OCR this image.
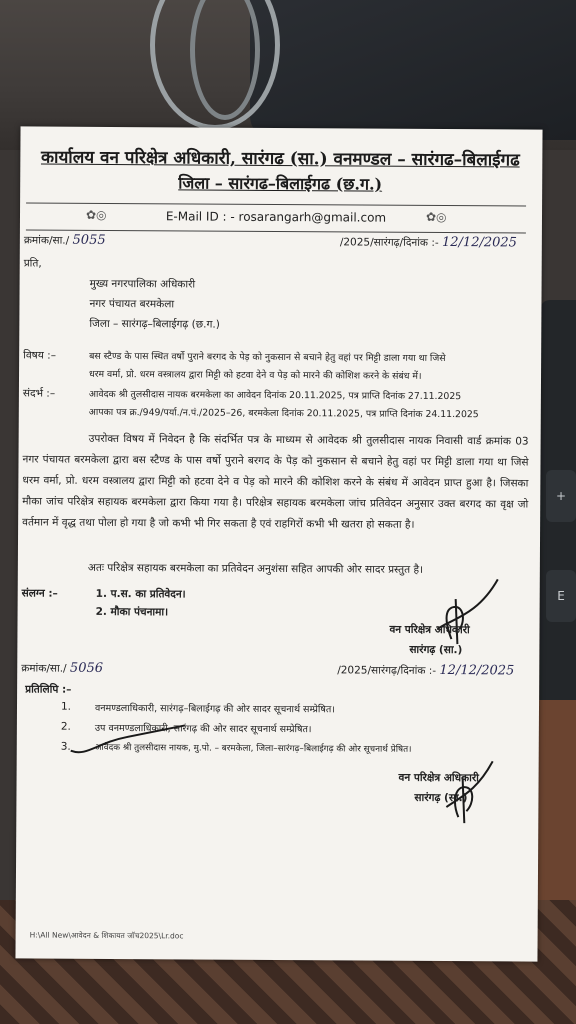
+
E
कार्यालय वन परिक्षेत्र अधिकारी, सारंगढ (सा.) वनमण्डल – सारंगढ–बिलाईगढ
जिला – सारंगढ–बिलाईगढ (छ.ग.)
✿◎	E-Mail ID : - rosarangarh@gmail.com	✿◎
क्रमांक/सा./ 5055	/2025/सारंगढ़/दिनांक :- 12/12/2025
प्रति,
मुख्य नगरपालिका अधिकारी
नगर पंचायत बरमकेला
जिला – सारंगढ़–बिलाईगढ़ (छ.ग.)
विषय :–	बस स्टैण्ड के पास स्थित वर्षो पुराने बरगद के पेड़ को नुकसान से बचाने हेतु वहां पर मिट्टी डाला गया था जिसे
धरम वर्मा, प्रो. धरम वस्त्रालय द्वारा मिट्टी को हटवा देने व पेड़ को मारने की कोशिश करने के संबंध में।
संदर्भ :–	आवेदक श्री तुलसीदास नायक बरमकेला का आवेदन दिनांक 20.11.2025, पत्र प्राप्ति दिनांक 27.11.2025
आपका पत्र क्र./949/पर्या./न.पं./2025–26, बरमकेला दिनांक 20.11.2025, पत्र प्राप्ति दिनांक 24.11.2025
उपरोक्त विषय में निवेदन है कि संदर्भित पत्र के माध्यम से आवेदक श्री तुलसीदास नायक निवासी वार्ड क्रमांक 03 नगर पंचायत बरमकेला द्वारा बस स्टैण्ड के पास वर्षो पुराने बरगद के पेड़ को नुकसान से बचाने हेतु वहां पर मिट्टी डाला गया था जिसे धरम वर्मा, प्रो. धरम वस्त्रालय द्वारा मिट्टी को हटवा देने व पेड़ को मारने की कोशिश करने के संबंध में आवेदन प्राप्त हुआ है। जिसका मौका जांच परिक्षेत्र सहायक बरमकेला द्वारा किया गया है। परिक्षेत्र सहायक बरमकेला जांच प्रतिवेदन अनुसार उक्त बरगद का वृक्ष जो वर्तमान में वृद्ध तथा पोला हो गया है जो कभी भी गिर सकता है एवं राहगिरों कभी भी खतरा हो सकता है।
अतः परिक्षेत्र सहायक बरमकेला का प्रतिवेदन अनुशंसा सहित आपकी ओर सादर प्रस्तुत है।
संलग्न :–	1. प.स. का प्रतिवेदन।
2. मौका पंचनामा।
वन परिक्षेत्र अधिकारी
सारंगढ़ (सा.)
क्रमांक/सा./ 5056	/2025/सारंगढ़/दिनांक :- 12/12/2025
प्रतिलिपि :–
1.	वनमण्डलाधिकारी, सारंगढ़–बिलाईगढ़ की ओर सादर सूचनार्थ सम्प्रेषित।
2.	उप वनमण्डलाधिकारी, सारंगढ़ की ओर सादर सूचनार्थ सम्प्रेषित।
3.	आवेदक श्री तुलसीदास नायक, मु.पो. – बरमकेला, जिला–सारंगढ़–बिलाईगढ़ की ओर सूचनार्थ प्रेषित।
वन परिक्षेत्र अधिकारी
सारंगढ़ (सा.)
H:\All New\आवेदन & शिकायत जॉच2025\Lr.doc
